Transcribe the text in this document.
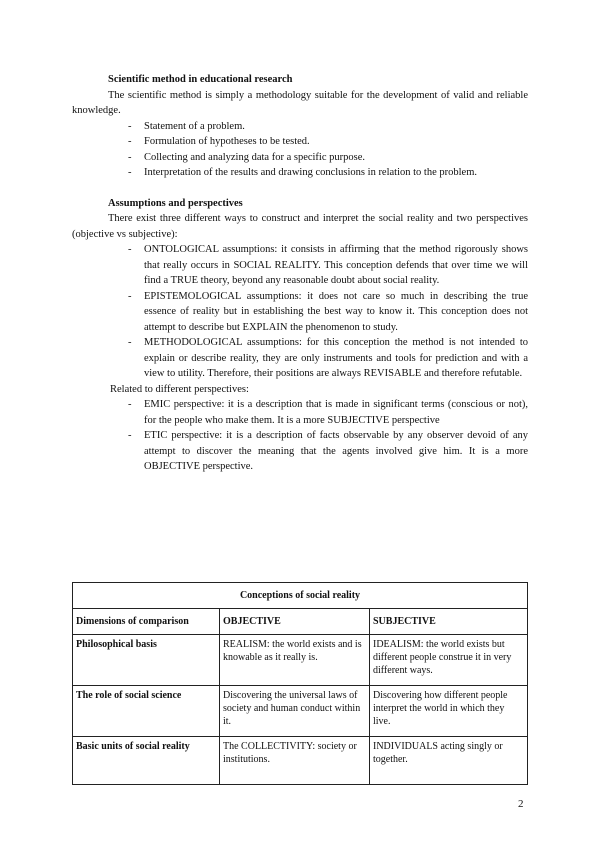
Scientific method in educational research
The scientific method is simply a methodology suitable for the development of valid and reliable knowledge.
- Statement of a problem.
- Formulation of hypotheses to be tested.
- Collecting and analyzing data for a specific purpose.
- Interpretation of the results and drawing conclusions in relation to the problem.
Assumptions and perspectives
There exist three different ways to construct and interpret the social reality and two perspectives (objective vs subjective):
- ONTOLOGICAL assumptions: it consists in affirming that the method rigorously shows that really occurs in SOCIAL REALITY. This conception defends that over time we will find a TRUE theory, beyond any reasonable doubt about social reality.
- EPISTEMOLOGICAL assumptions: it does not care so much in describing the true essence of reality but in establishing the best way to know it. This conception does not attempt to describe but EXPLAIN the phenomenon to study.
- METHODOLOGICAL assumptions: for this conception the method is not intended to explain or describe reality, they are only instruments and tools for prediction and with a view to utility. Therefore, their positions are always REVISABLE and therefore refutable.
Related to different perspectives:
- EMIC perspective: it is a description that is made in significant terms (conscious or not), for the people who make them. It is a more SUBJECTIVE perspective
- ETIC perspective: it is a description of facts observable by any observer devoid of any attempt to discover the meaning that the agents involved give him. It is a more OBJECTIVE perspective.
Conceptions of social reality		
Dimensions of comparison	OBJECTIVE	SUBJECTIVE
Philosophical basis	REALISM: the world exists and is knowable as it really is.	IDEALISM: the world exists but different people construe it in very different ways.
The role of social science	Discovering the universal laws of society and human conduct within it.	Discovering how different people interpret the world in which they live.
Basic units of social reality	The COLLECTIVITY: society or institutions.	INDIVIDUALS acting singly or together.
2
